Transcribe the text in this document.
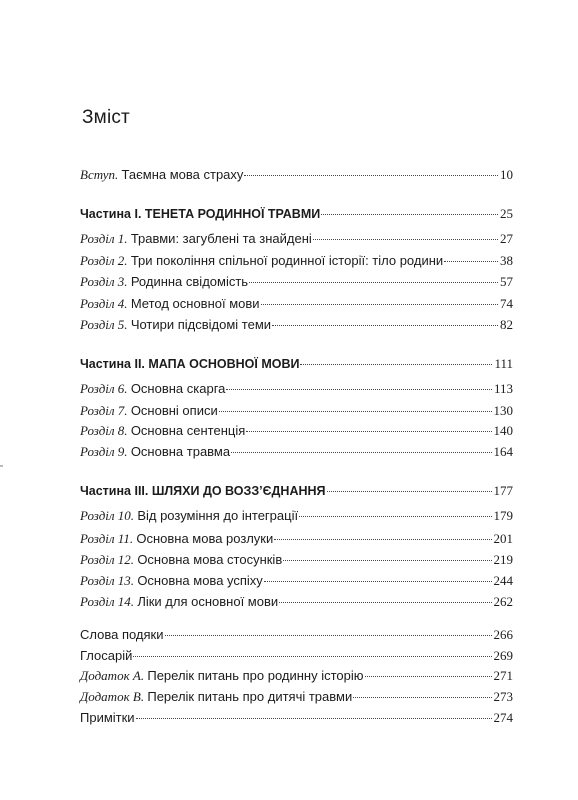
Зміст
Вступ. Таємна мова страху	10
Частина І. ТЕНЕТА РОДИННОЇ ТРАВМИ	25
Розділ 1. Травми: загублені та знайдені	27
Розділ 2. Три покоління спільної родинної історії: тіло родини	38
Розділ 3. Родинна свідомість	57
Розділ 4. Метод основної мови	74
Розділ 5. Чотири підсвідомі теми	82
Частина ІІ. МАПА ОСНОВНОЇ МОВИ	111
Розділ 6. Основна скарга	113
Розділ 7. Основні описи	130
Розділ 8. Основна сентенція	140
Розділ 9. Основна травма	164
Частина ІІІ. ШЛЯХИ ДО ВОЗЗ’ЄДНАННЯ	177
Розділ 10. Від розуміння до інтеграції	179
Розділ 11. Основна мова розлуки	201
Розділ 12. Основна мова стосунків	219
Розділ 13. Основна мова успіху	244
Розділ 14. Ліки для основної мови	262
Слова подяки	266
Глосарій	269
Додаток А. Перелік питань про родинну історію	271
Додаток В. Перелік питань про дитячі травми	273
Примітки	274
